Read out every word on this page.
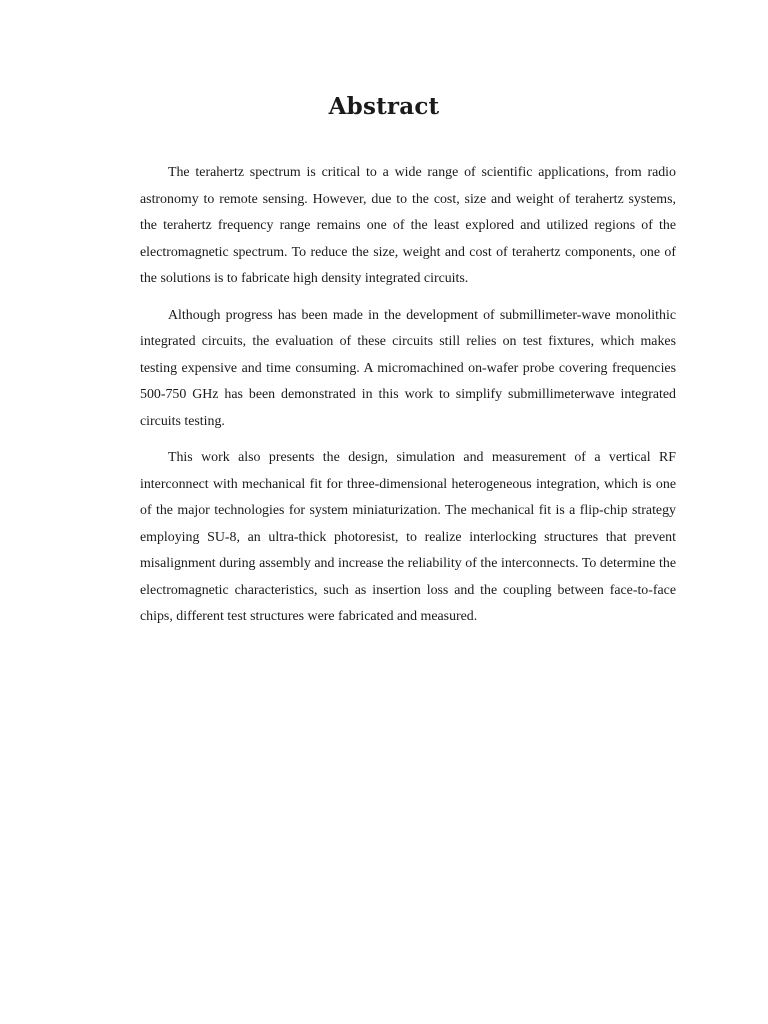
Abstract

The terahertz spectrum is critical to a wide range of scientific applications, from radio astronomy to remote sensing. However, due to the cost, size and weight of terahertz systems, the terahertz frequency range remains one of the least explored and utilized regions of the electromagnetic spectrum. To reduce the size, weight and cost of terahertz components, one of the solutions is to fabricate high density integrated circuits.

Although progress has been made in the development of submillimeter-wave monolithic integrated circuits, the evaluation of these circuits still relies on test fixtures, which makes testing expensive and time consuming. A micromachined on-wafer probe covering frequencies 500-750 GHz has been demonstrated in this work to simplify submillimeterwave integrated circuits testing.

This work also presents the design, simulation and measurement of a vertical RF interconnect with mechanical fit for three-dimensional heterogeneous integration, which is one of the major technologies for system miniaturization. The mechanical fit is a flip-chip strategy employing SU-8, an ultra-thick photoresist, to realize interlocking structures that prevent misalignment during assembly and increase the reliability of the interconnects. To determine the electromagnetic characteristics, such as insertion loss and the coupling between face-to-face chips, different test structures were fabricated and measured.
